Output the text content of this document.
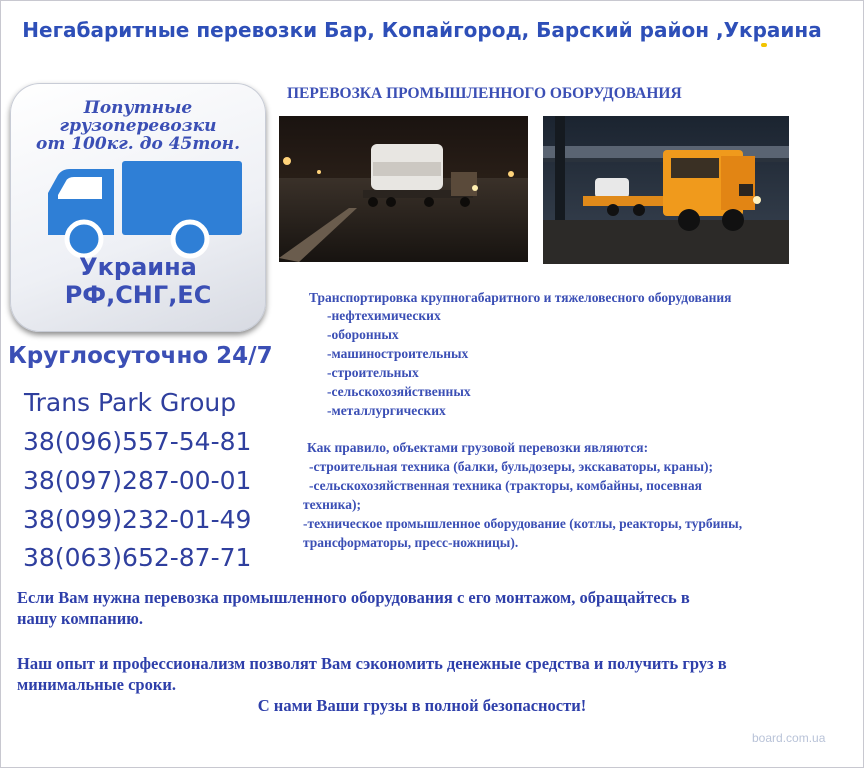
Негабаритные перевозки Бар, Копайгород, Барский район ,Украина
Попутные
грузоперевозки
от 100кг. до 45тон.
Украина
РФ,СНГ,ЕС
Круглосуточно 24/7
Trans Park Group
38(096)557-54-81
38(097)287-00-01
38(099)232-01-49
38(063)652-87-71
ПЕРЕВОЗКА ПРОМЫШЛЕННОГО ОБОРУДОВАНИЯ
Транспортировка крупногабаритного и тяжеловесного оборудования
-нефтехимических
-оборонных
-машиностроительных
-строительных
-сельскохозяйственных
-металлургических
Как правило, объектами грузовой перевозки являются:
-строительная техника (балки, бульдозеры, экскаваторы, краны);
-сельскохозяйственная техника (тракторы, комбайны, посевная
техника);
-техническое промышленное оборудование (котлы, реакторы, турбины,
трансформаторы, пресс-ножницы).
Если Вам нужна перевозка промышленного оборудования с его монтажом, обращайтесь в
нашу компанию.
Наш опыт и профессионализм позволят Вам сэкономить денежные средства и получить груз в
минимальные сроки.
С нами Ваши грузы в полной безопасности!
board.com.ua
